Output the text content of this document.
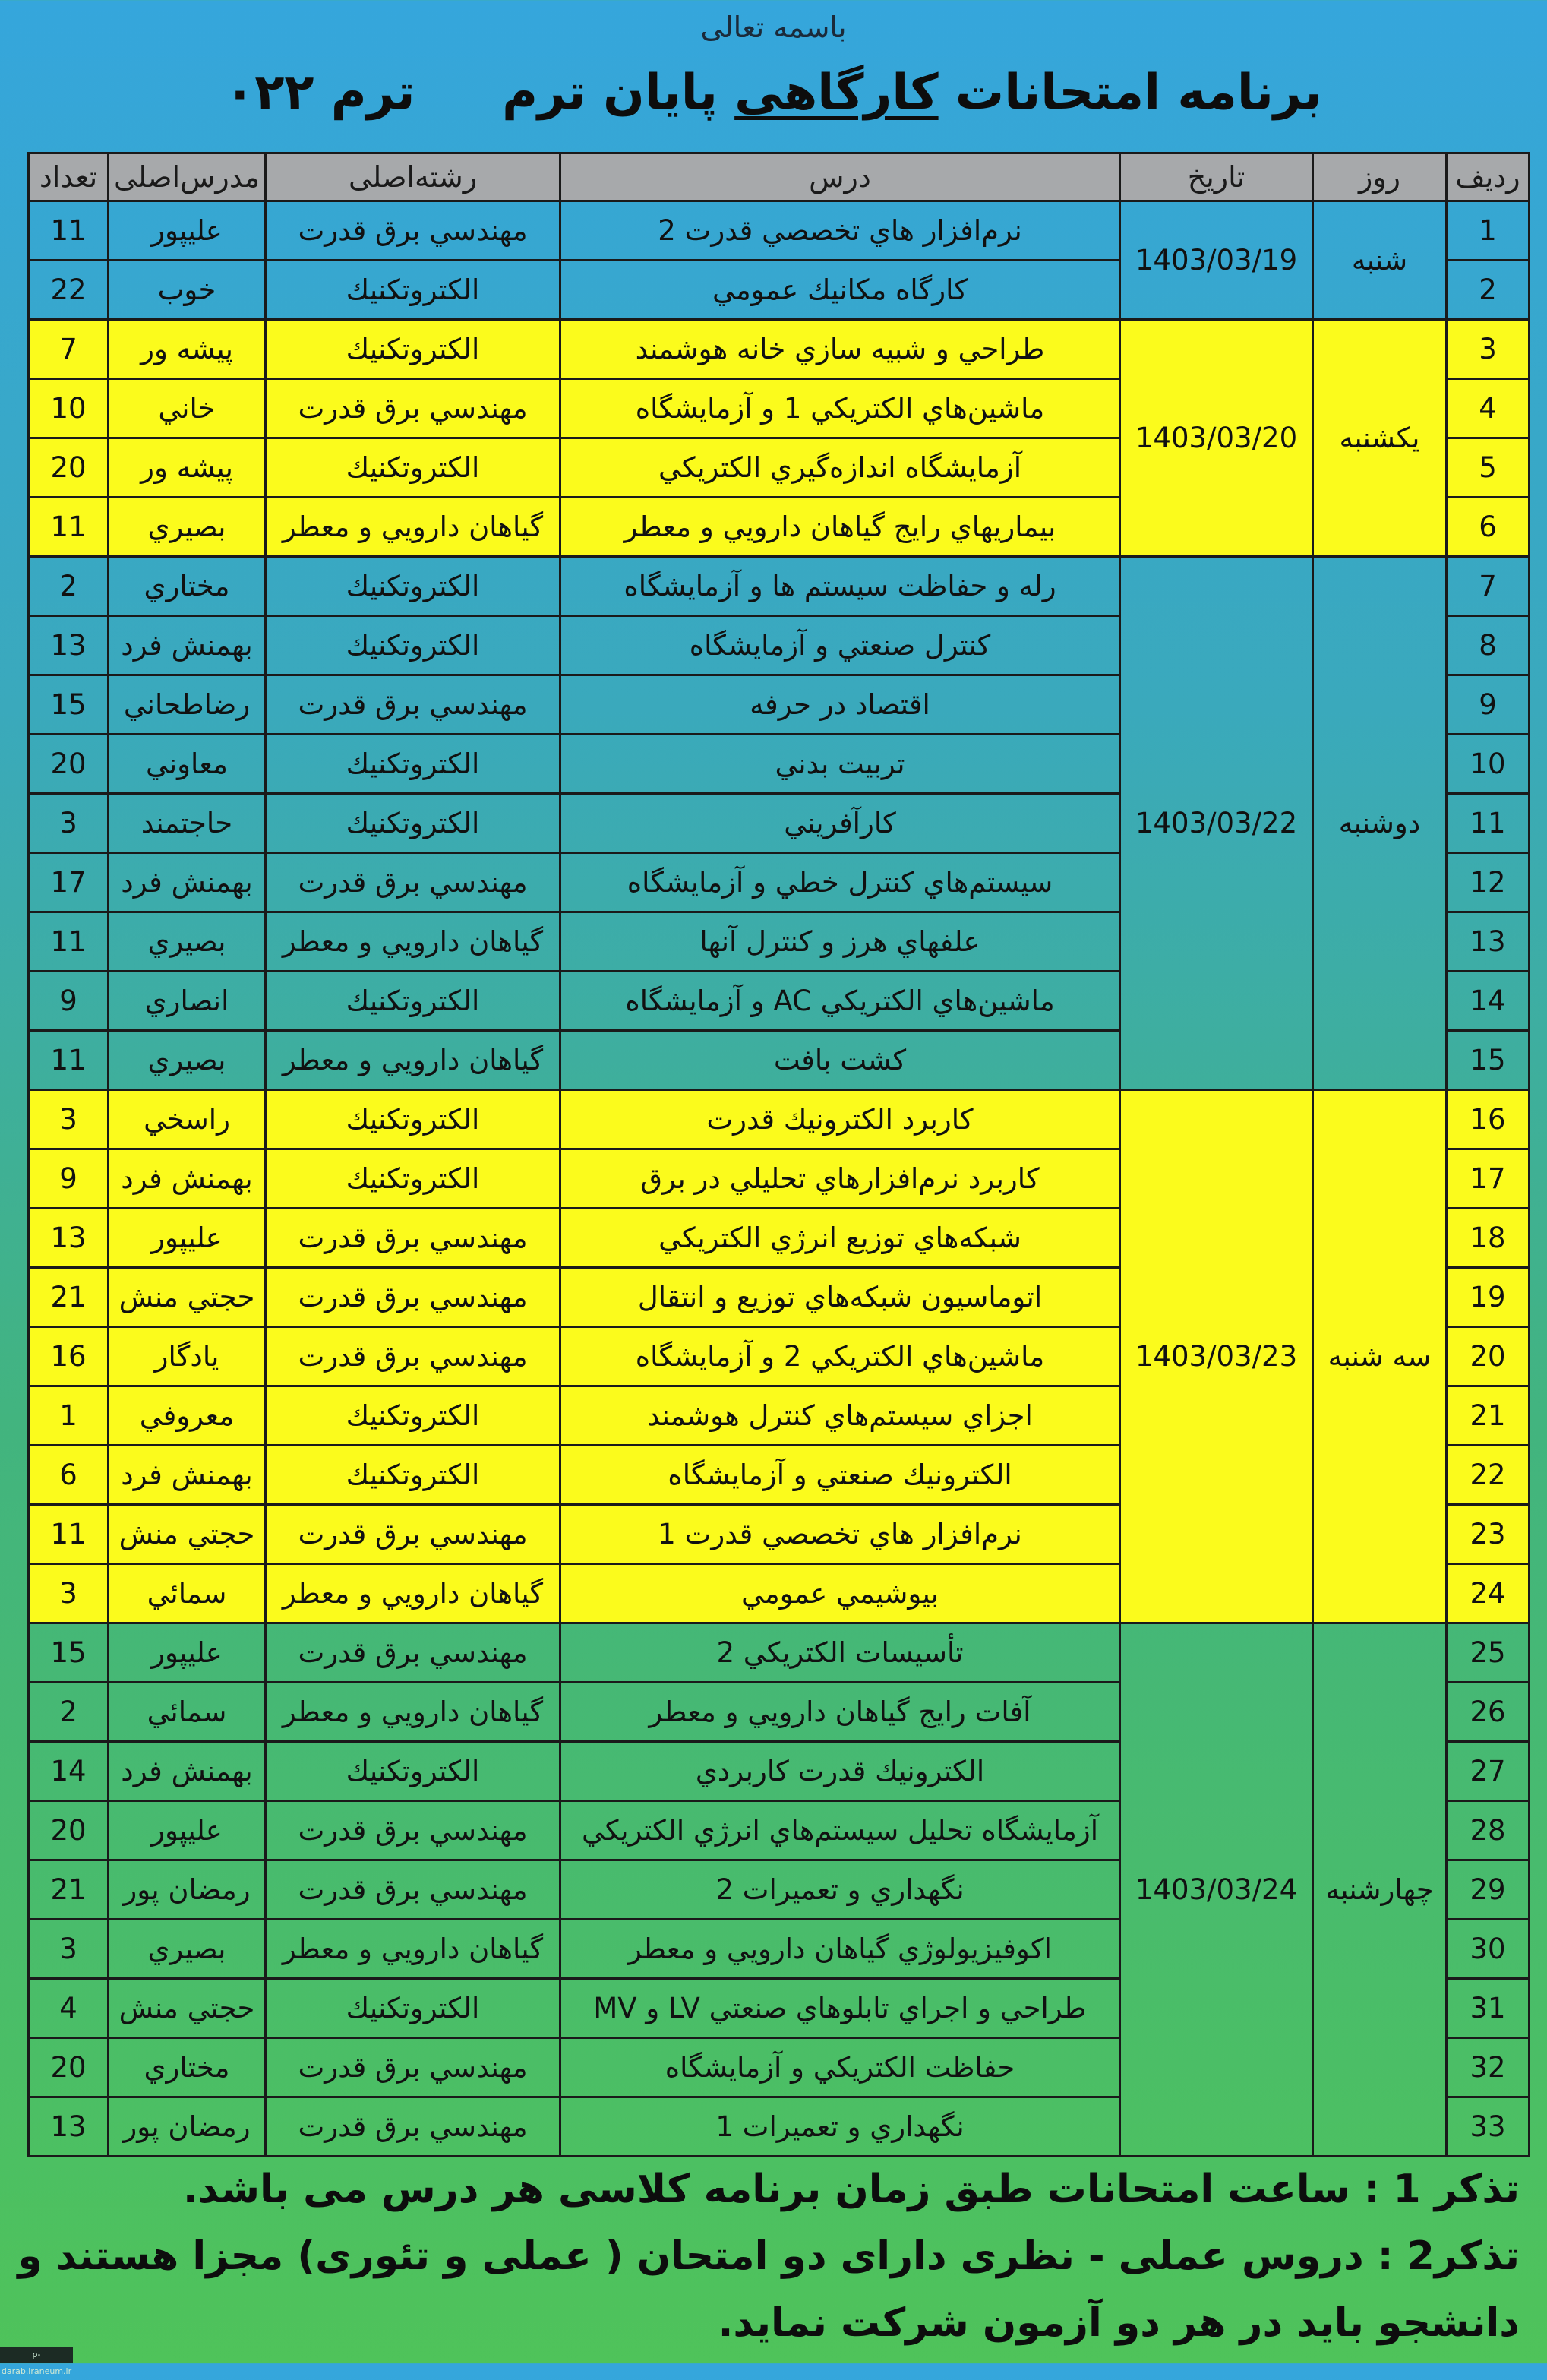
باسمه تعالی
برنامه امتحانات کارگاهی پایان ترم  ترم ۰۲۲
ردیف	روز	تاریخ	درس	رشته‌اصلی	مدرس‌اصلی	تعداد
1	شنبه	1403/03/19	نرم‌افزار هاي تخصصي قدرت 2	مهندسي برق قدرت	علیپور	11
2			كارگاه مكانيك عمومي	الكتروتكنيك	خوب	22
3	یکشنبه	1403/03/20	طراحي و شبيه سازي خانه هوشمند	الكتروتكنيك	پیشه ور	7
4			ماشين‌هاي الكتريكي 1 و آزمايشگاه	مهندسي برق قدرت	خاني	10
5			آزمايشگاه اندازه‌گيري الكتريكي	الكتروتكنيك	پیشه ور	20
6			بيماريهاي رايج گياهان دارويي و معطر	گياهان دارويي و معطر	بصيري	11
7	دوشنبه	1403/03/22	رله و حفاظت سيستم ها و آزمايشگاه	الكتروتكنيك	مختاري	2
8			كنترل صنعتي و آزمايشگاه	الكتروتكنيك	بهمنش فرد	13
9			اقتصاد در حرفه	مهندسي برق قدرت	رضاطحاني	15
10			تربيت بدني	الكتروتكنيك	معاوني	20
11			كارآفريني	الكتروتكنيك	حاجتمند	3
12			سيستم‌هاي كنترل خطي و آزمايشگاه	مهندسي برق قدرت	بهمنش فرد	17
13			علفهاي هرز و كنترل آنها	گياهان دارويي و معطر	بصيري	11
14			ماشين‌هاي الكتريكي AC و آزمايشگاه	الكتروتكنيك	انصاري	9
15			كشت بافت	گياهان دارويي و معطر	بصيري	11
16	سه شنبه	1403/03/23	كاربرد الكترونيك قدرت	الكتروتكنيك	راسخي	3
17			كاربرد نرم‌افزارهاي تحليلي در برق	الكتروتكنيك	بهمنش فرد	9
18			شبكه‌هاي توزيع انرژي الكتريكي	مهندسي برق قدرت	علیپور	13
19			اتوماسيون شبكه‌هاي توزيع و انتقال	مهندسي برق قدرت	حجتي منش	21
20			ماشين‌هاي الكتريكي 2 و آزمايشگاه	مهندسي برق قدرت	يادگار	16
21			اجزاي سيستم‌هاي كنترل هوشمند	الكتروتكنيك	معروفي	1
22			الكترونيك صنعتي و آزمايشگاه	الكتروتكنيك	بهمنش فرد	6
23			نرم‌افزار هاي تخصصي قدرت 1	مهندسي برق قدرت	حجتي منش	11
24			بيوشيمي عمومي	گياهان دارويي و معطر	سمائي	3
25	چهارشنبه	1403/03/24	تأسيسات الكتريكي 2	مهندسي برق قدرت	علیپور	15
26			آفات رايج گياهان دارويي و معطر	گياهان دارويي و معطر	سمائي	2
27			الكترونيك قدرت كاربردي	الكتروتكنيك	بهمنش فرد	14
28			آزمايشگاه تحليل سيستم‌هاي انرژي الكتريكي	مهندسي برق قدرت	علیپور	20
29			نگهداري و تعميرات 2	مهندسي برق قدرت	رمضان پور	21
30			اكوفيزيولوژي گياهان دارويي و معطر	گياهان دارويي و معطر	بصيري	3
31			طراحي و اجراي تابلوهاي صنعتي LV و MV	الكتروتكنيك	حجتي منش	4
32			حفاظت الكتريكي و آزمايشگاه	مهندسي برق قدرت	مختاري	20
33			نگهداري و تعميرات 1	مهندسي برق قدرت	رمضان پور	13

تذکر 1 : ساعت امتحانات طبق زمان برنامه کلاسی هر درس می باشد.

تذکر2 : دروس عملی - نظری دارای دو امتحان ( عملی و تئوری) مجزا هستند و دانشجو باید در هر دو آزمون شرکت نماید.

p-darab.iraneum.ir
